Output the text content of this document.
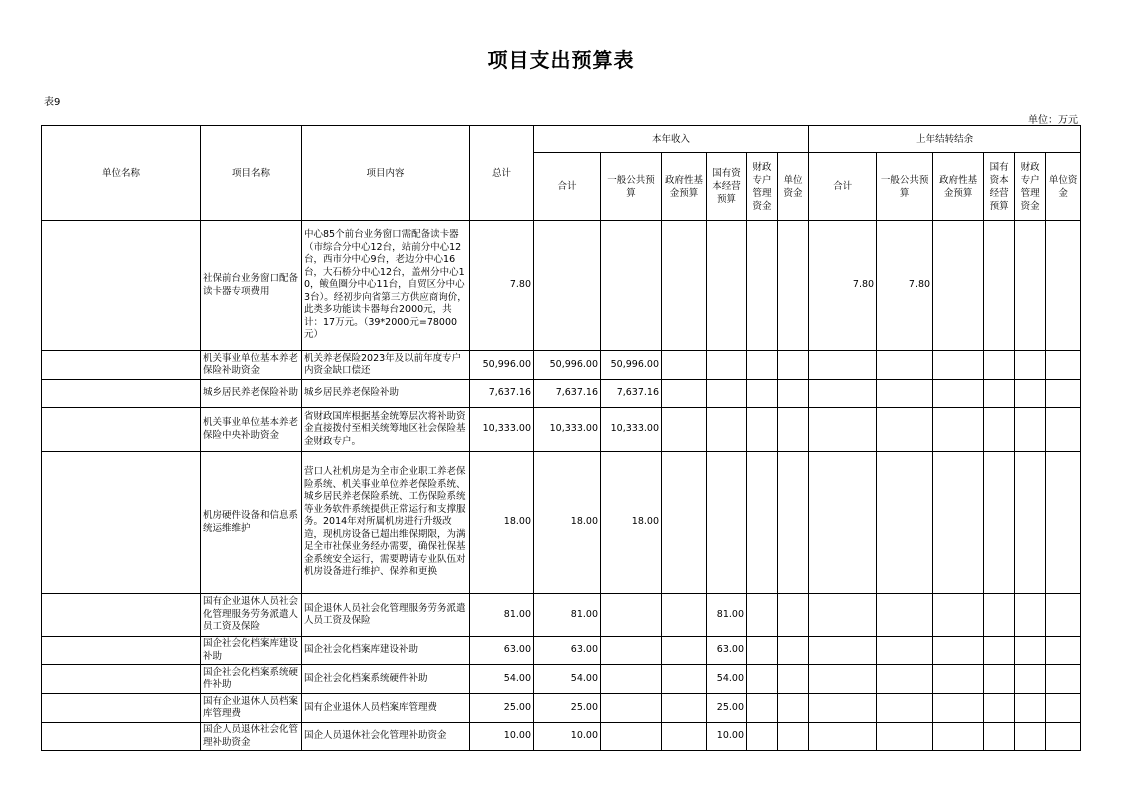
项目支出预算表
表9
单位：万元
单位名称	项目名称	项目内容	总计	本年收入						上年结转结余					
				合计	一般公共预算	政府性基金预算	国有资本经营预算	财政专户管理资金	单位资金	合计	一般公共预算	政府性基金预算	国有资本经营预算	财政专户管理资金	单位资金
	社保前台业务窗口配备读卡器专项费用	中心85个前台业务窗口需配备读卡器（市综合分中心12台，站前分中心12台，西市分中心9台，老边分中心16台，大石桥分中心12台，盖州分中心10，鲅鱼圈分中心11台，自贸区分中心3台）。经初步向省第三方供应商询价，此类多功能读卡器每台2000元，共计：17万元。（39*2000元=78000元）	7.80							7.80	7.80				
	机关事业单位基本养老保险补助资金	机关养老保险2023年及以前年度专户内资金缺口偿还	50,996.00	50,996.00	50,996.00										
	城乡居民养老保险补助	城乡居民养老保险补助	7,637.16	7,637.16	7,637.16										
	机关事业单位基本养老保险中央补助资金	省财政国库根据基金统筹层次将补助资金直接拨付至相关统筹地区社会保险基金财政专户。	10,333.00	10,333.00	10,333.00										
	机房硬件设备和信息系统运维维护	营口人社机房是为全市企业职工养老保险系统、机关事业单位养老保险系统、城乡居民养老保险系统、工伤保险系统等业务软件系统提供正常运行和支撑服务。2014年对所属机房进行升级改造，现机房设备已超出维保期限，为满足全市社保业务经办需要，确保社保基金系统安全运行，需要聘请专业队伍对机房设备进行维护、保养和更换	18.00	18.00	18.00										
	国有企业退休人员社会化管理服务劳务派遣人员工资及保险	国企退休人员社会化管理服务劳务派遣人员工资及保险	81.00	81.00			81.00								
	国企社会化档案库建设补助	国企社会化档案库建设补助	63.00	63.00			63.00								
	国企社会化档案系统硬件补助	国企社会化档案系统硬件补助	54.00	54.00			54.00								
	国有企业退休人员档案库管理费	国有企业退休人员档案库管理费	25.00	25.00			25.00								
	国企人员退休社会化管理补助资金	国企人员退休社会化管理补助资金	10.00	10.00			10.00								
